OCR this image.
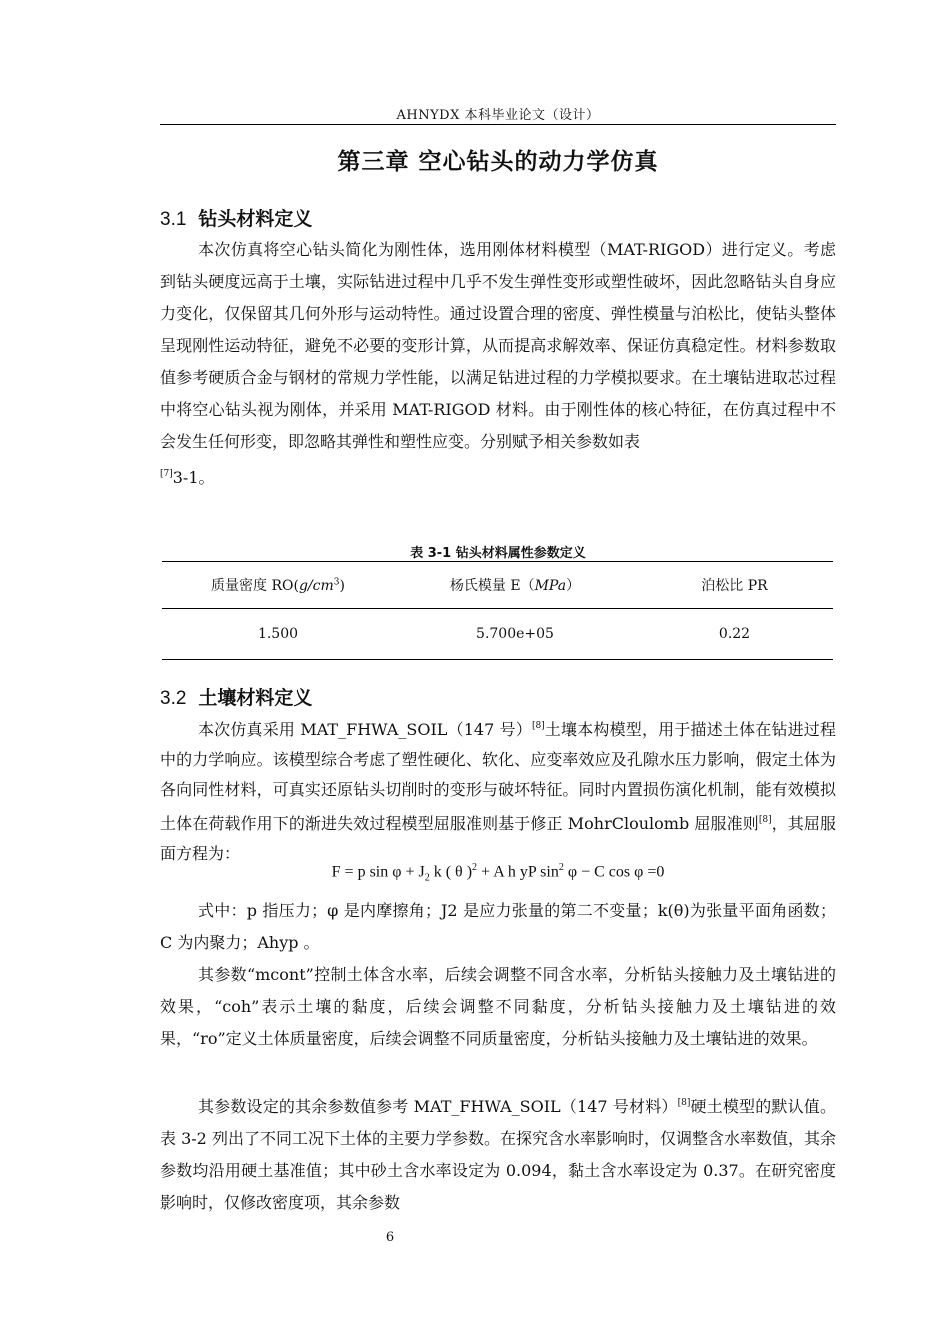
AHNYDX 本科毕业论文（设计）
第三章 空心钻头的动力学仿真
3.1 钻头材料定义

本次仿真将空心钻头简化为刚性体，选用刚体材料模型（MAT-RIGOD）进行定义。考虑到钻头硬度远高于土壤，实际钻进过程中几乎不发生弹性变形或塑性破坏，因此忽略钻头自身应力变化，仅保留其几何外形与运动特性。通过设置合理的密度、弹性模量与泊松比，使钻头整体呈现刚性运动特征，避免不必要的变形计算，从而提高求解效率、保证仿真稳定性。材料参数取值参考硬质合金与钢材的常规力学性能，以满足钻进过程的力学模拟要求。在土壤钻进取芯过程中将空心钻头视为刚体，并采用 MAT-RIGOD 材料。由于刚性体的核心特征，在仿真过程中不会发生任何形变，即忽略其弹性和塑性应变。分别赋予相关参数如表
[7]3-1。

表 3-1 钻头材料属性参数定义
质量密度 $RO(g/cm^3)$	杨氏模量 E（MPa）	泊松比 PR
1.500	5.700e+05	0.22
3.2 土壤材料定义

本次仿真采用 MAT_FHWA_SOIL（147 号）[8]土壤本构模型，用于描述土体在钻进过程中的力学响应。该模型综合考虑了塑性硬化、软化、应变率效应及孔隙水压力影响，假定土体为各向同性材料，可真实还原钻头切削时的变形与破坏特征。同时内置损伤演化机制，能有效模拟土体在荷载作用下的渐进失效过程模型屈服准则基于修正 MohrCloulomb 屈服准则[8]，其屈服面方程为：

F = p $\sin \varphi + J_2$ k ( θ )$^2$ + A h yP $\sin^2 \varphi - C$ cos φ =0

式中：p 指压力；φ 是内摩擦角；J2 是应力张量的第二不变量；k(θ)为张量平面角函数；C 为内聚力；Ahyp 。

其参数“mcont”控制土体含水率，后续会调整不同含水率，分析钻头接触力及土壤钻进的效果，“coh”表示土壤的黏度，后续会调整不同黏度，分析钻头接触力及土壤钻进的效果，“ro”定义土体质量密度，后续会调整不同质量密度，分析钻头接触力及土壤钻进的效果。

其参数设定的其余参数值参考 MAT_FHWA_SOIL（147 号材料）[8]硬土模型的默认值。表 3-2 列出了不同工况下土体的主要力学参数。在探究含水率影响时，仅调整含水率数值，其余参数均沿用硬土基准值；其中砂土含水率设定为 0.094，黏土含水率设定为 0.37。在研究密度影响时，仅修改密度项，其余参数

6
